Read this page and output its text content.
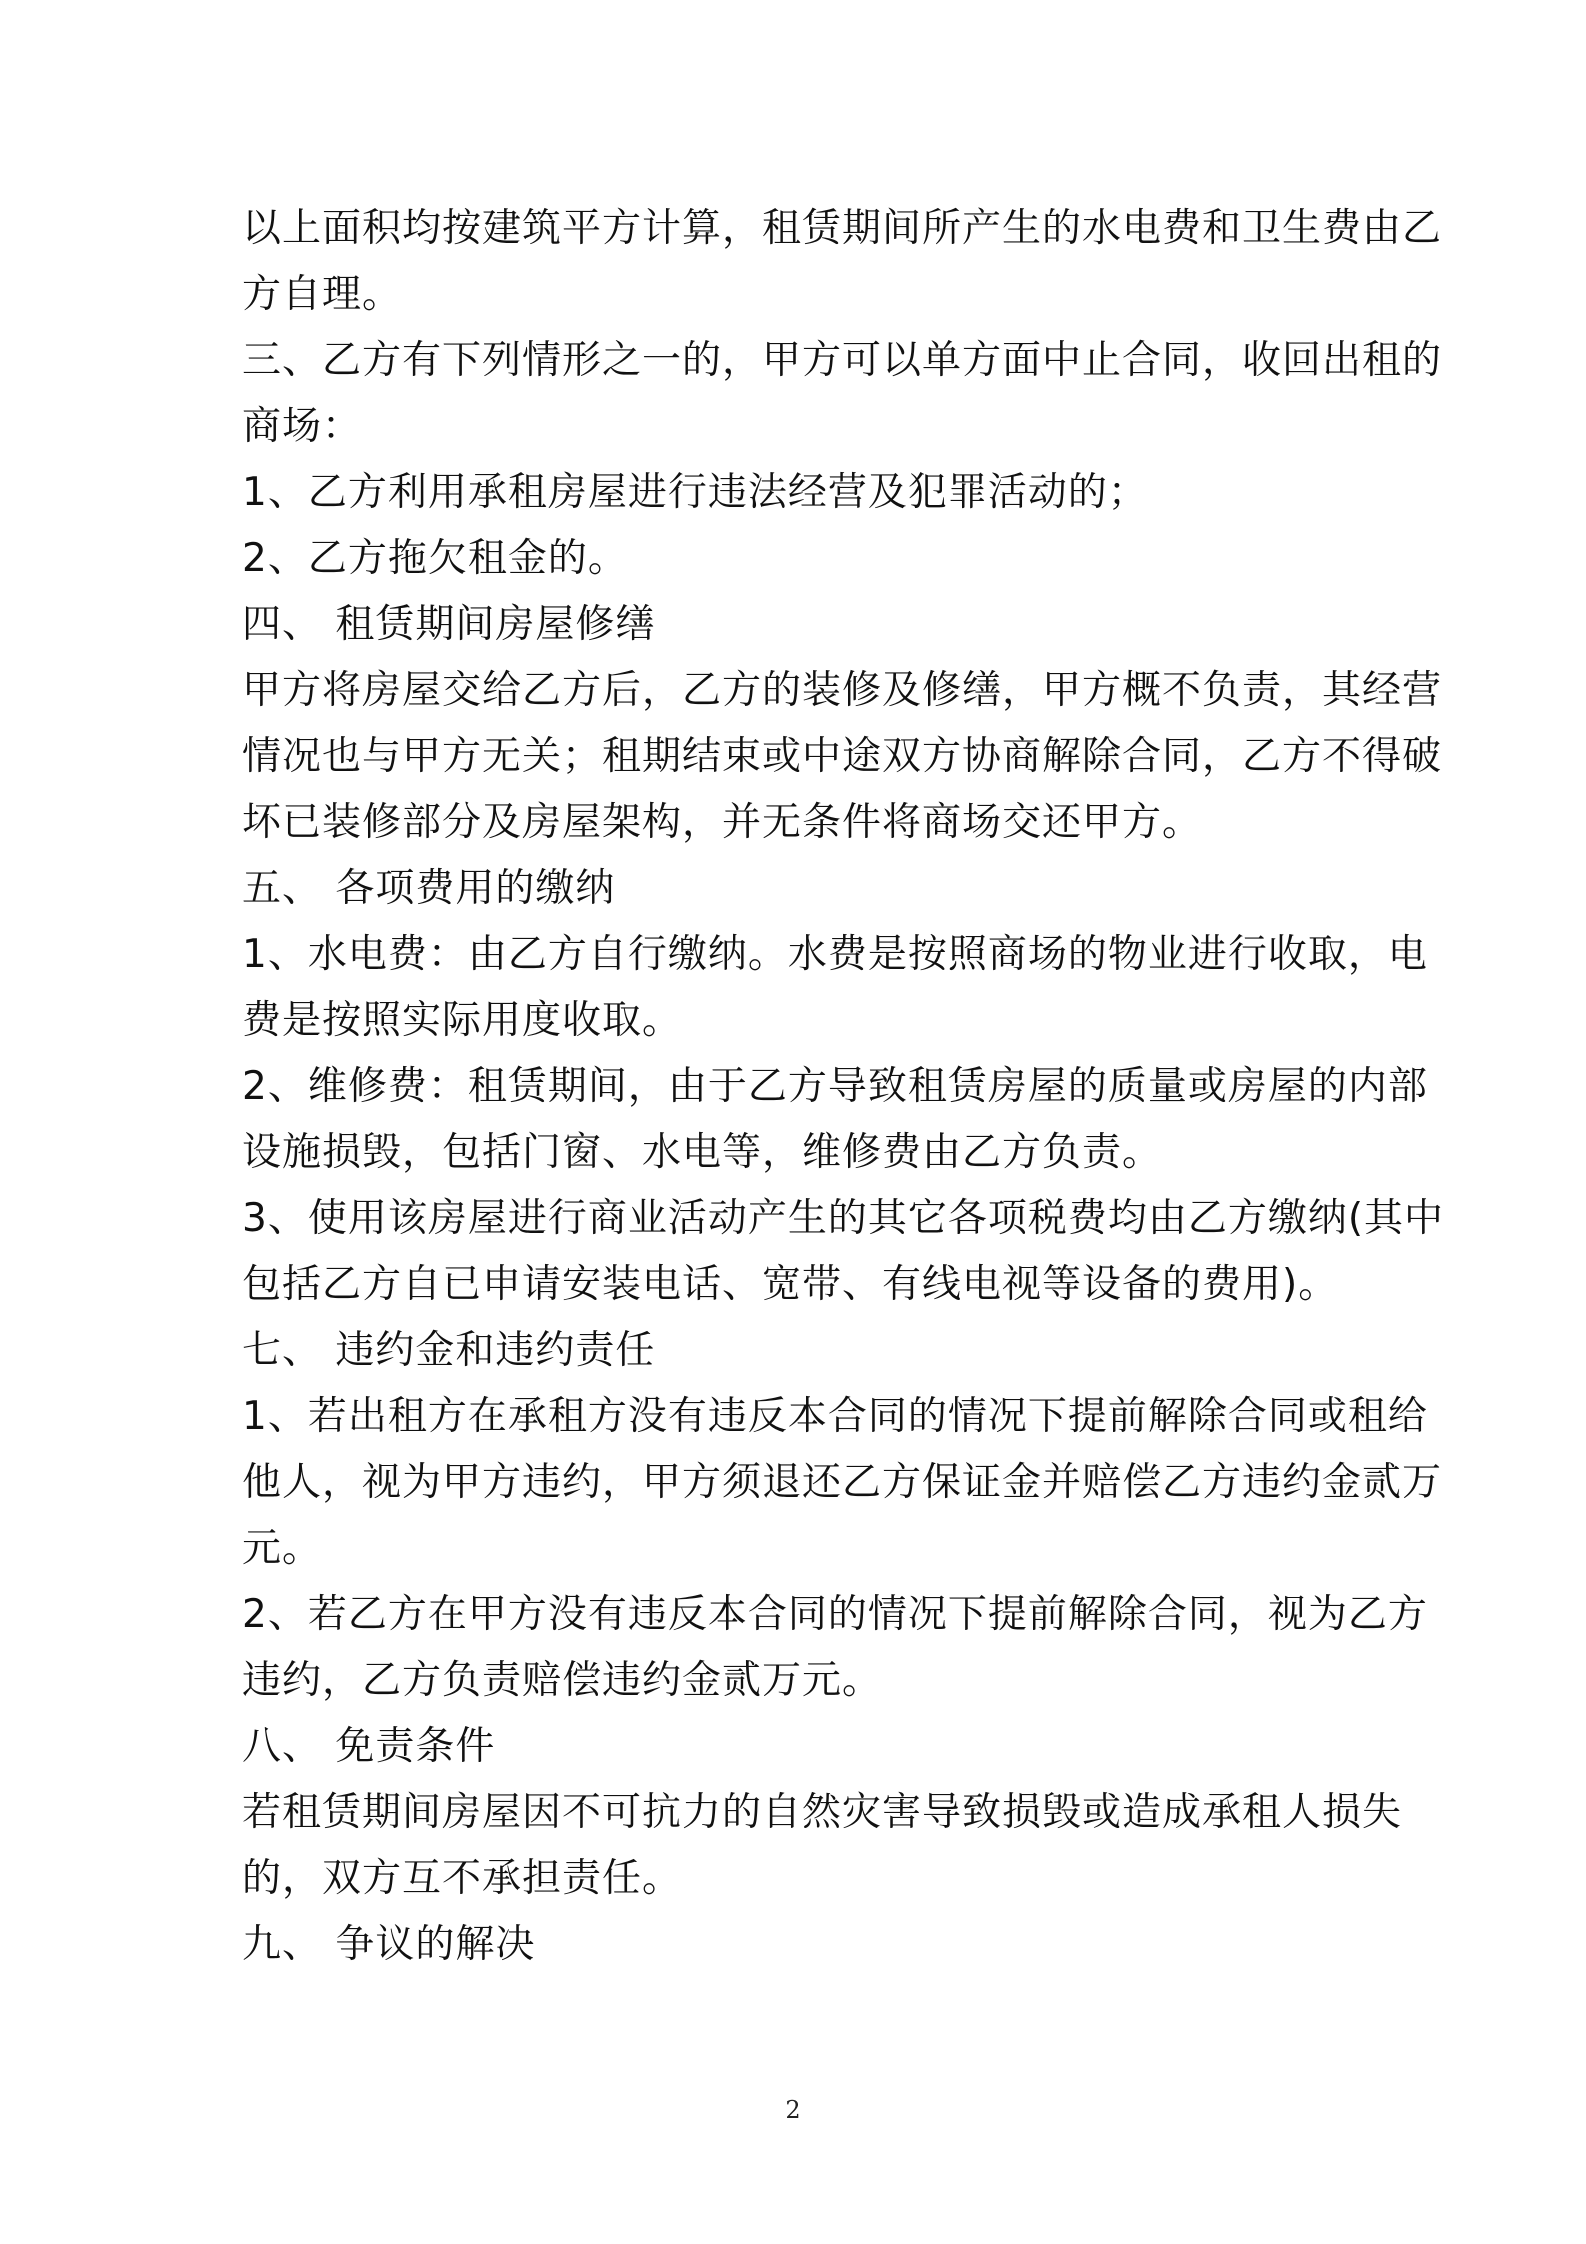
以上面积均按建筑平方计算，租赁期间所产生的水电费和卫生费由乙
方自理。
三、乙方有下列情形之一的，甲方可以单方面中止合同，收回出租的
商场：
1、乙方利用承租房屋进行违法经营及犯罪活动的；
2、乙方拖欠租金的。
四、 租赁期间房屋修缮
甲方将房屋交给乙方后，乙方的装修及修缮，甲方概不负责，其经营
情况也与甲方无关；租期结束或中途双方协商解除合同，乙方不得破
坏已装修部分及房屋架构，并无条件将商场交还甲方。
五、 各项费用的缴纳
1、水电费：由乙方自行缴纳。水费是按照商场的物业进行收取，电
费是按照实际用度收取。
2、维修费：租赁期间，由于乙方导致租赁房屋的质量或房屋的内部
设施损毁，包括门窗、水电等，维修费由乙方负责。
3、使用该房屋进行商业活动产生的其它各项税费均由乙方缴纳(其中
包括乙方自已申请安装电话、宽带、有线电视等设备的费用)。
七、 违约金和违约责任
1、若出租方在承租方没有违反本合同的情况下提前解除合同或租给
他人，视为甲方违约，甲方须退还乙方保证金并赔偿乙方违约金贰万
元。
2、若乙方在甲方没有违反本合同的情况下提前解除合同，视为乙方
违约，乙方负责赔偿违约金贰万元。
八、 免责条件
若租赁期间房屋因不可抗力的自然灾害导致损毁或造成承租人损失
的，双方互不承担责任。
九、 争议的解决
2
